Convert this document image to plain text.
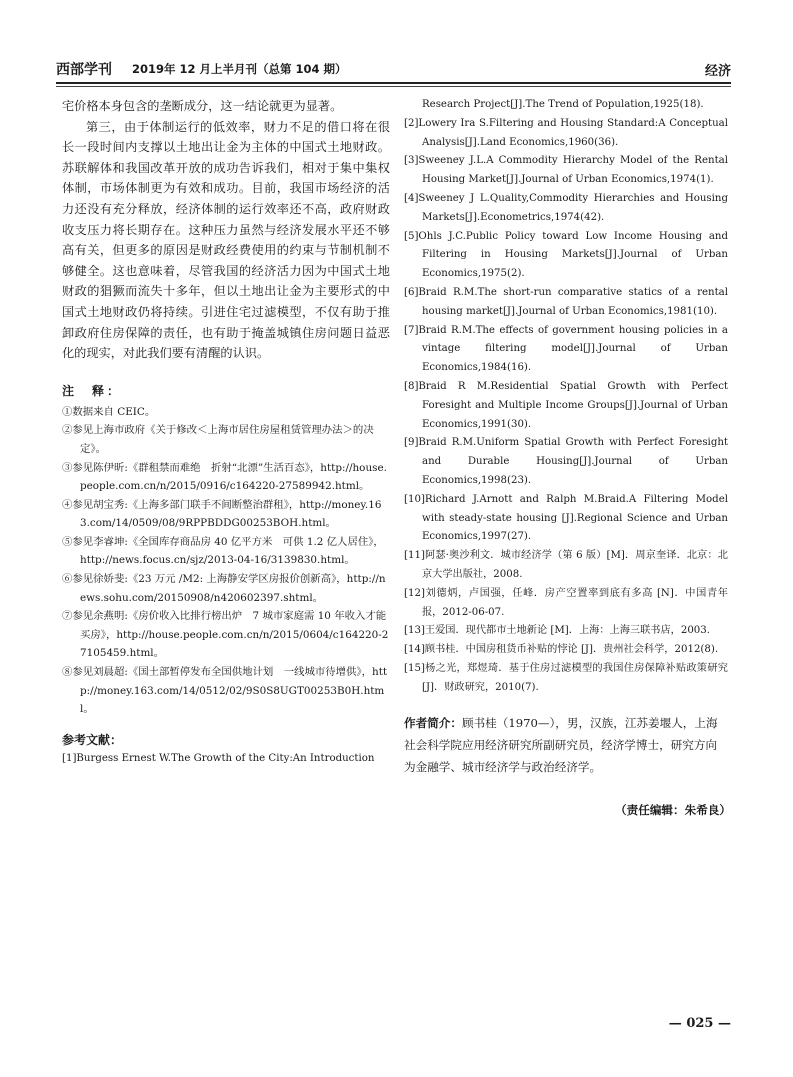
西部学刊 2019年 12 月上半月刊（总第 104 期）	经济

宅价格本身包含的垄断成分，这一结论就更为显著。

第三，由于体制运行的低效率，财力不足的借口将在很长一段时间内支撑以土地出让金为主体的中国式土地财政。苏联解体和我国改革开放的成功告诉我们，相对于集中集权体制，市场体制更为有效和成功。目前，我国市场经济的活力还没有充分释放，经济体制的运行效率还不高，政府财政收支压力将长期存在。这种压力虽然与经济发展水平还不够高有关，但更多的原因是财政经费使用的约束与节制机制不够健全。这也意味着，尽管我国的经济活力因为中国式土地财政的猖獗而流失十多年，但以土地出让金为主要形式的中国式土地财政仍将持续。引进住宅过滤模型，不仅有助于推卸政府住房保障的责任，也有助于掩盖城镇住房问题日益恶化的现实，对此我们要有清醒的认识。

注　释：

①数据来自 CEIC。

②参见上海市政府《关于修改＜上海市居住房屋租赁管理办法＞的决定》。

③参见陈伊昕:《群租禁而难绝　折射“北漂”生活百态》，http://house.people.com.cn/n/2015/0916/c164220-27589942.html。

④参见胡宝秀:《上海多部门联手不间断整治群租》，http://money.163.com/14/0509/08/9RPPBDDG00253BOH.html。

⑤参见李睿坤:《全国库存商品房 40 亿平方米　可供 1.2 亿人居住》，http://news.focus.cn/sjz/2013-04-16/3139830.html。

⑥参见徐娇斐:《23 万元 /M2: 上海静安学区房报价创新高》，http://news.sohu.com/20150908/n420602397.shtml。

⑦参见余燕明:《房价收入比排行榜出炉　7 城市家庭需 10 年收入才能买房》，http://house.people.com.cn/n/2015/0604/c164220-27105459.html。

⑧参见刘晨超:《国土部暂停发布全国供地计划　一线城市待增供》，http://money.163.com/14/0512/02/9S0S8UGT00253B0H.html。

参考文献：

[1]Burgess Ernest W.The Growth of the City:An Introduction

Research Project[J].The Trend of Population,1925(18).

[2]Lowery Ira S.Filtering and Housing Standard:A Conceptual Analysis[J].Land Economics,1960(36).

[3]Sweeney J.L.A Commodity Hierarchy Model of the Rental Housing Market[J].Journal of Urban Economics,1974(1).

[4]Sweeney J L.Quality,Commodity Hierarchies and Housing Markets[J].Econometrics,1974(42).

[5]Ohls J.C.Public Policy toward Low Income Housing and Filtering in Housing Markets[J].Journal of Urban Economics,1975(2).

[6]Braid R.M.The short-run comparative statics of a rental housing market[J].Journal of Urban Economics,1981(10).

[7]Braid R.M.The effects of government housing policies in a vintage filtering model[J].Journal of Urban Economics,1984(16).

[8]Braid R M.Residential Spatial Growth with Perfect Foresight and Multiple Income Groups[J].Journal of Urban Economics,1991(30).

[9]Braid R.M.Uniform Spatial Growth with Perfect Foresight and Durable Housing[J].Journal of Urban Economics,1998(23).

[10]Richard J.Arnott and Ralph M.Braid.A Filtering Model with steady-state housing [J].Regional Science and Urban Economics,1997(27).

[11]阿瑟·奥沙利文．城市经济学（第 6 版）[M]．周京奎译．北京：北京大学出版社，2008.

[12]刘德炳，卢国强，任峰．房产空置率到底有多高 [N]．中国青年报，2012-06-07.

[13]王爱国．现代都市土地新论 [M]．上海：上海三联书店，2003.

[14]顾书桂．中国房租货币补贴的悖论 [J]．贵州社会科学，2012(8).

[15]杨之光，郑煜琦．基于住房过滤模型的我国住房保障补贴政策研究 [J]．财政研究，2010(7).

作者简介：顾书桂（1970—），男，汉族，江苏姜堰人，上海社会科学院应用经济研究所副研究员，经济学博士，研究方向为金融学、城市经济学与政治经济学。
（责任编辑：朱希良）
— 025 —
